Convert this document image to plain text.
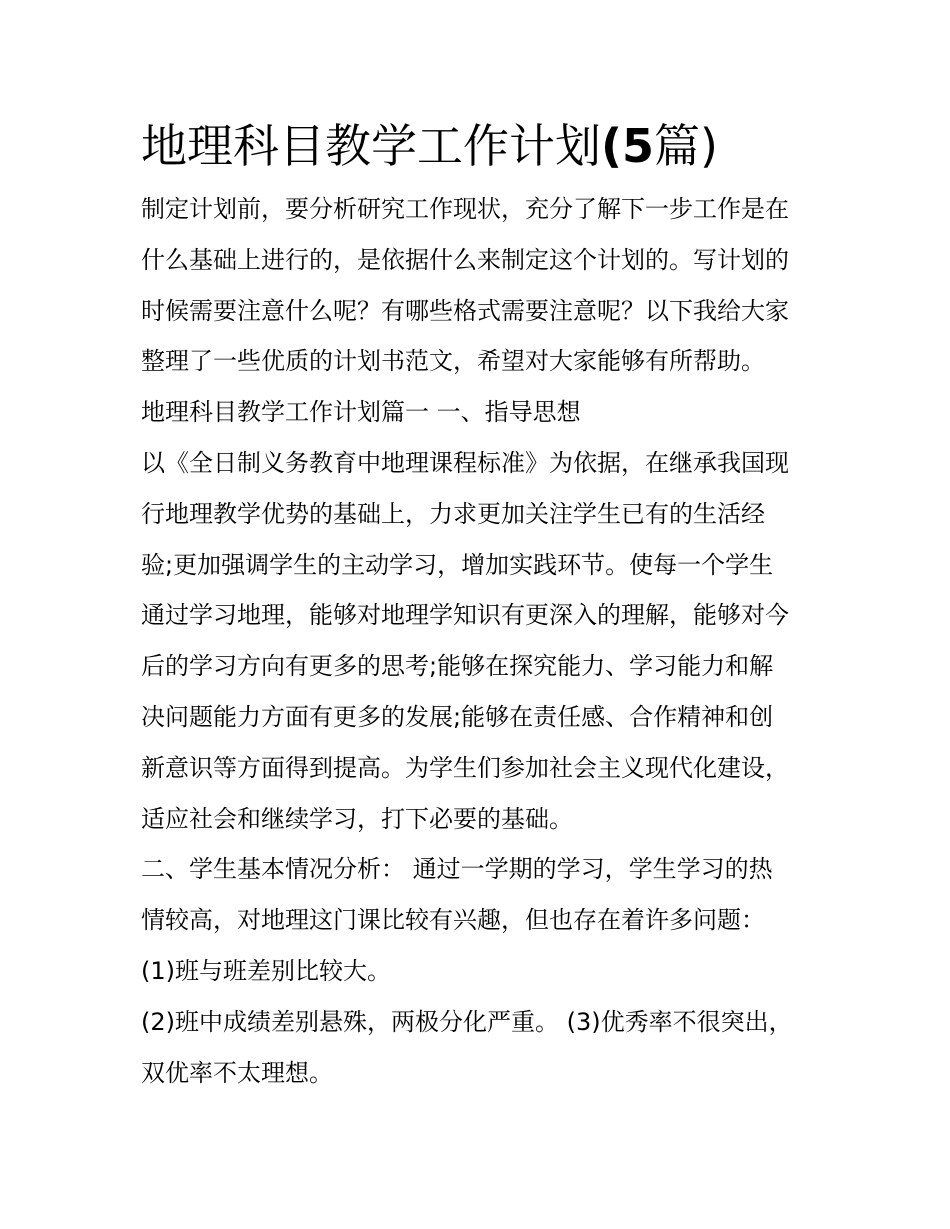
地理科目教学工作计划(5篇)
制定计划前，要分析研究工作现状，充分了解下一步工作是在
什么基础上进行的，是依据什么来制定这个计划的。写计划的
时候需要注意什么呢？有哪些格式需要注意呢？以下我给大家
整理了一些优质的计划书范文，希望对大家能够有所帮助。
地理科目教学工作计划篇一 一、指导思想
以《全日制义务教育中地理课程标准》为依据，在继承我国现
行地理教学优势的基础上，力求更加关注学生已有的生活经
验;更加强调学生的主动学习，增加实践环节。使每一个学生
通过学习地理，能够对地理学知识有更深入的理解，能够对今
后的学习方向有更多的思考;能够在探究能力、学习能力和解
决问题能力方面有更多的发展;能够在责任感、合作精神和创
新意识等方面得到提高。为学生们参加社会主义现代化建设，
适应社会和继续学习，打下必要的基础。
二、学生基本情况分析： 通过一学期的学习，学生学习的热
情较高，对地理这门课比较有兴趣，但也存在着许多问题：
(1)班与班差别比较大。
(2)班中成绩差别悬殊，两极分化严重。 (3)优秀率不很突出，
双优率不太理想。
